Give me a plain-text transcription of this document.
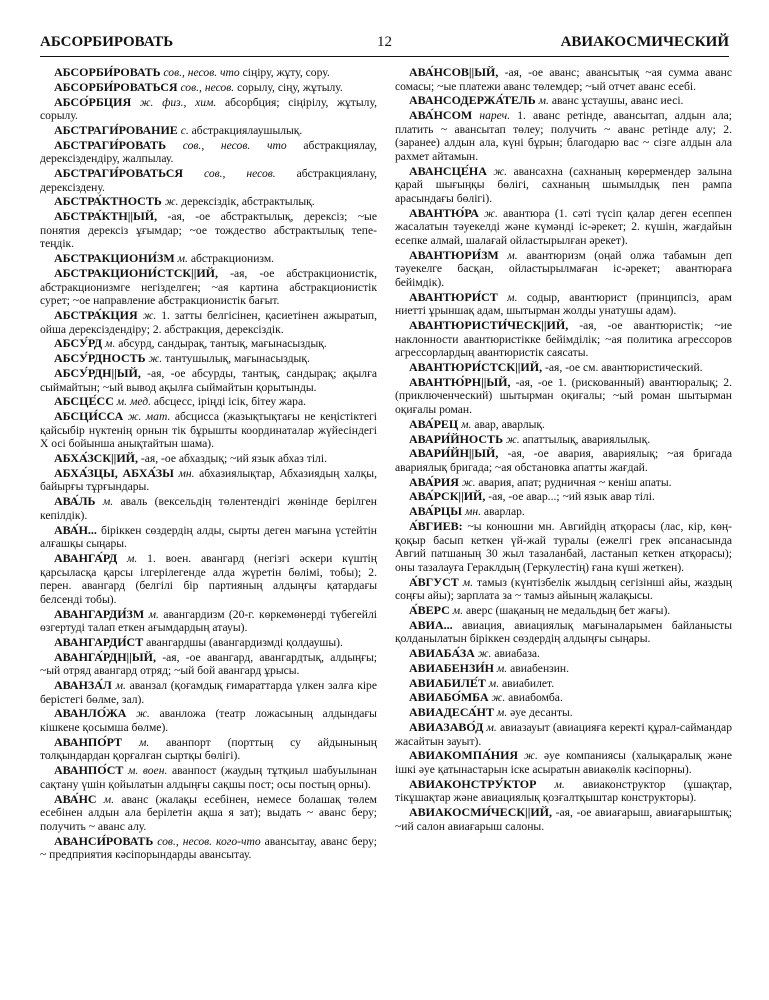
АБСОРБИРОВАТЬ	12	АВИАКОСМИЧЕСКИЙ

АБСОРБИ́РОВАТЬ сов., несов. что сіңіру, жұту, сору.

АБСОРБИ́РОВАТЬСЯ сов., несов. сорылу, сіңу, жұтылу.

АБСО́РБЦИЯ ж. физ., хим. абсорбция; сіңірілу, жұтылу, сорылу.

АБСТРАГИ́РОВАНИЕ с. абстракциялаушылық.

АБСТРАГИ́РОВАТЬ сов., несов. что абстракциялау, дерексіздендіру, жалпылау.

АБСТРАГИ́РОВАТЬСЯ сов., несов. абстракциялану, дерексіздену.

АБСТРА́КТНОСТЬ ж. дерексіздік, абстрактылық.

АБСТРА́КТН||ЫЙ, -ая, -ое абстрактылық, дерексіз; ~ые понятия дерексіз ұғымдар; ~ое тождество абстрактылық тепе-теңдік.

АБСТРАКЦИОНИ́ЗМ м. абстракционизм.

АБСТРАКЦИОНИ́СТСК||ИЙ, -ая, -ое абстракционистік, абстракционизмге негізделген; ~ая картина абстракционистік сурет; ~ое направление абстракционистік бағыт.

АБСТРА́КЦИЯ ж. 1. затты белгісінен, қасиетінен ажыратып, ойша дерексіздендіру; 2. абстракция, дерексіздік.

АБСУ́РД м. абсурд, сандырақ, тантық, мағынасыздық.

АБСУ́РДНОСТЬ ж. тантушылық, мағынасыздық.

АБСУ́РДН||ЫЙ, -ая, -ое абсурды, тантық, сандырақ; ақылға сыймайтын; ~ый вывод ақылға сыймайтын қорытынды.

АБСЦЕ́СС м. мед. абсцесс, іріңді ісік, бітеу жара.

АБСЦИ́ССА ж. мат. абсцисса (жазықтықтағы не кеңістіктегі қайсыбір нүктенің орнын тік бұрышты координаталар жүйесіндегі Х осі бойынша анықтайтын шама).

АБХА́ЗСК||ИЙ, -ая, -ое абхаздық; ~ий язык абхаз тілі.

АБХА́ЗЦЫ, АБХА́ЗЫ мн. абхазиялықтар, Абхазиядың халқы, байырғы тұрғындары.

АВА́ЛЬ м. аваль (вексельдің төлентендігі жөнінде берілген кепілдік).

АВА́Н... біріккен сөздердің алды, сырты деген мағына үстейтін алғашқы сыңары.

АВАНГА́РД м. 1. воен. авангард (негізгі әскери күштің қарсыласқа қарсы ілгерілегенде алда жүретін бөлімі, тобы); 2. перен. авангард (белгілі бір партияның алдыңғы қатардағы белсенді тобы).

АВАНГАРДИ́ЗМ м. авангардизм (20-г. көркемөнерді түбегейлі өзгертуді талап еткен ағымдардың атауы).

АВАНГАРДИ́СТ авангардшы (авангардизмді қолдаушы).

АВАНГА́РДН||ЫЙ, -ая, -ое авангард, авангардтық, алдыңғы; ~ый отряд авангард отряд; ~ый бой авангард ұрысы.

АВАНЗА́Л м. аванзал (қоғамдық ғимараттарда үлкен залға кіре берістегі бөлме, зал).

АВАНЛО́ЖА ж. аванложа (театр ложасының алдындағы кішкене қосымша бөлме).

АВАНПО́РТ м. аванпорт (порттың су айдынының толқындардан қорғалған сыртқы бөлігі).

АВАНПО́СТ м. воен. аванпост (жаудың тұтқиыл шабуылынан сақтану үшін қойылатын алдыңғы сақшы пост; осы постың орны).

АВА́НС м. аванс (жалақы есебінен, немесе болашақ төлем есебінен алдын ала берілетін ақша я зат); выдать ~ аванс беру; получить ~ аванс алу.

АВАНСИ́РОВАТЬ сов., несов. кого-что авансытау, аванс беру; ~ предприятия кәсіпорындарды авансытау.

АВА́НСОВ||ЫЙ, -ая, -ое аванс; авансытық ~ая сумма аванс сомасы; ~ые платежи аванс төлемдер; ~ый отчет аванс есебі.

АВАНСОДЕРЖА́ТЕЛЬ м. аванс ұстаушы, аванс иесі.

АВА́НСОМ нареч. 1. аванс ретінде, авансытап, алдын ала; платить ~ авансытап төлеу; получить ~ аванс ретінде алу; 2. (заранее) алдын ала, күні бұрын; благодарю вас ~ сізге алдын ала рахмет айтамын.

АВАНСЦЕ́НА ж. авансахна (сахнаның көрермендер залына қарай шығыңқы бөлігі, сахнаның шымылдық пен рампа арасындағы бөлігі).

АВАНТЮ́РА ж. авантюра (1. сәті түсіп қалар деген есеппен жасалатын тәуекелді және күмәнді іс-әрекет; 2. күшін, жағдайын есепке алмай, шалағай ойластырылған әрекет).

АВАНТЮРИ́ЗМ м. авантюризм (оңай олжа табамын деп тәуекелге басқан, ойластырылмаған іс-әрекет; авантюраға бейімдік).

АВАНТЮРИ́СТ м. содыр, авантюрист (принципсіз, арам ниетті ұрыншақ адам, шытырман жолды унатушы адам).

АВАНТЮРИСТИ́ЧЕСК||ИЙ, -ая, -ое авантюристік; ~ие наклонности авантюристікке бейімділік; ~ая политика агрессоров агрессорлардың авантюристік саясаты.

АВАНТЮРИ́СТСК||ИЙ, -ая, -ое см. авантюристический.

АВАНТЮ́РН||ЫЙ, -ая, -ое 1. (рискованный) авантюралық; 2. (приключенческий) шытырман оқиғалы; ~ый роман шытырман оқиғалы роман.

АВА́РЕЦ м. авар, аварлық.

АВАРИ́ЙНОСТЬ ж. апаттылық, авариялылық.

АВАРИ́ЙН||ЫЙ, -ая, -ое авария, авариялық; ~ая бригада авариялық бригада; ~ая обстановка апатты жағдай.

АВА́РИЯ ж. авария, апат; рудничная ~ кеніш апаты.

АВА́РСК||ИЙ, -ая, -ое авар...; ~ий язык авар тілі.

АВА́РЦЫ мн. аварлар.

А́ВГИЕВ: ~ы конюшни мн. Авгийдің атқорасы (лас, кір, көң-қоқыр басып кеткен үй-жай туралы (ежелгі грек әпсанасында Авгий патшаның 30 жыл тазаланбай, ластанып кеткен атқорасы); оны тазалауға Гераклдың (Геркулестің) ғана күші жеткен).

А́ВГУСТ м. тамыз (күнтізбелік жылдың сегізінші айы, жаздың соңғы айы); зарплата за ~ тамыз айының жалақысы.

А́ВЕРС м. аверс (шақаның не медальдың бет жағы).

АВИА... авиация, авиациялық мағыналарымен байланысты қолданылатын біріккен сөздердің алдыңғы сыңары.

АВИАБА́ЗА ж. авиабаза.

АВИАБЕНЗИ́Н м. авиабензин.

АВИАБИЛЕ́Т м. авиабилет.

АВИАБО́МБА ж. авиабомба.

АВИАДЕСА́НТ м. әуе десанты.

АВИАЗАВО́Д м. авиазауыт (авиацияға керекті құрал-саймандар жасайтын зауыт).

АВИАКОМПА́НИЯ ж. әуе компаниясы (халықаралық және ішкі әуе қатынастарын іске асыратын авиакөлік кәсіпорны).

АВИАКОНСТРУ́КТОР м. авиаконструктор (ұшақтар, тікұшақтар және авиациялық қозғалтқыштар конструкторы).

АВИАКОСМИ́ЧЕСК||ИЙ, -ая, -ое авиағарыш, авиағарыштық; ~ий салон авиағарыш салоны.
